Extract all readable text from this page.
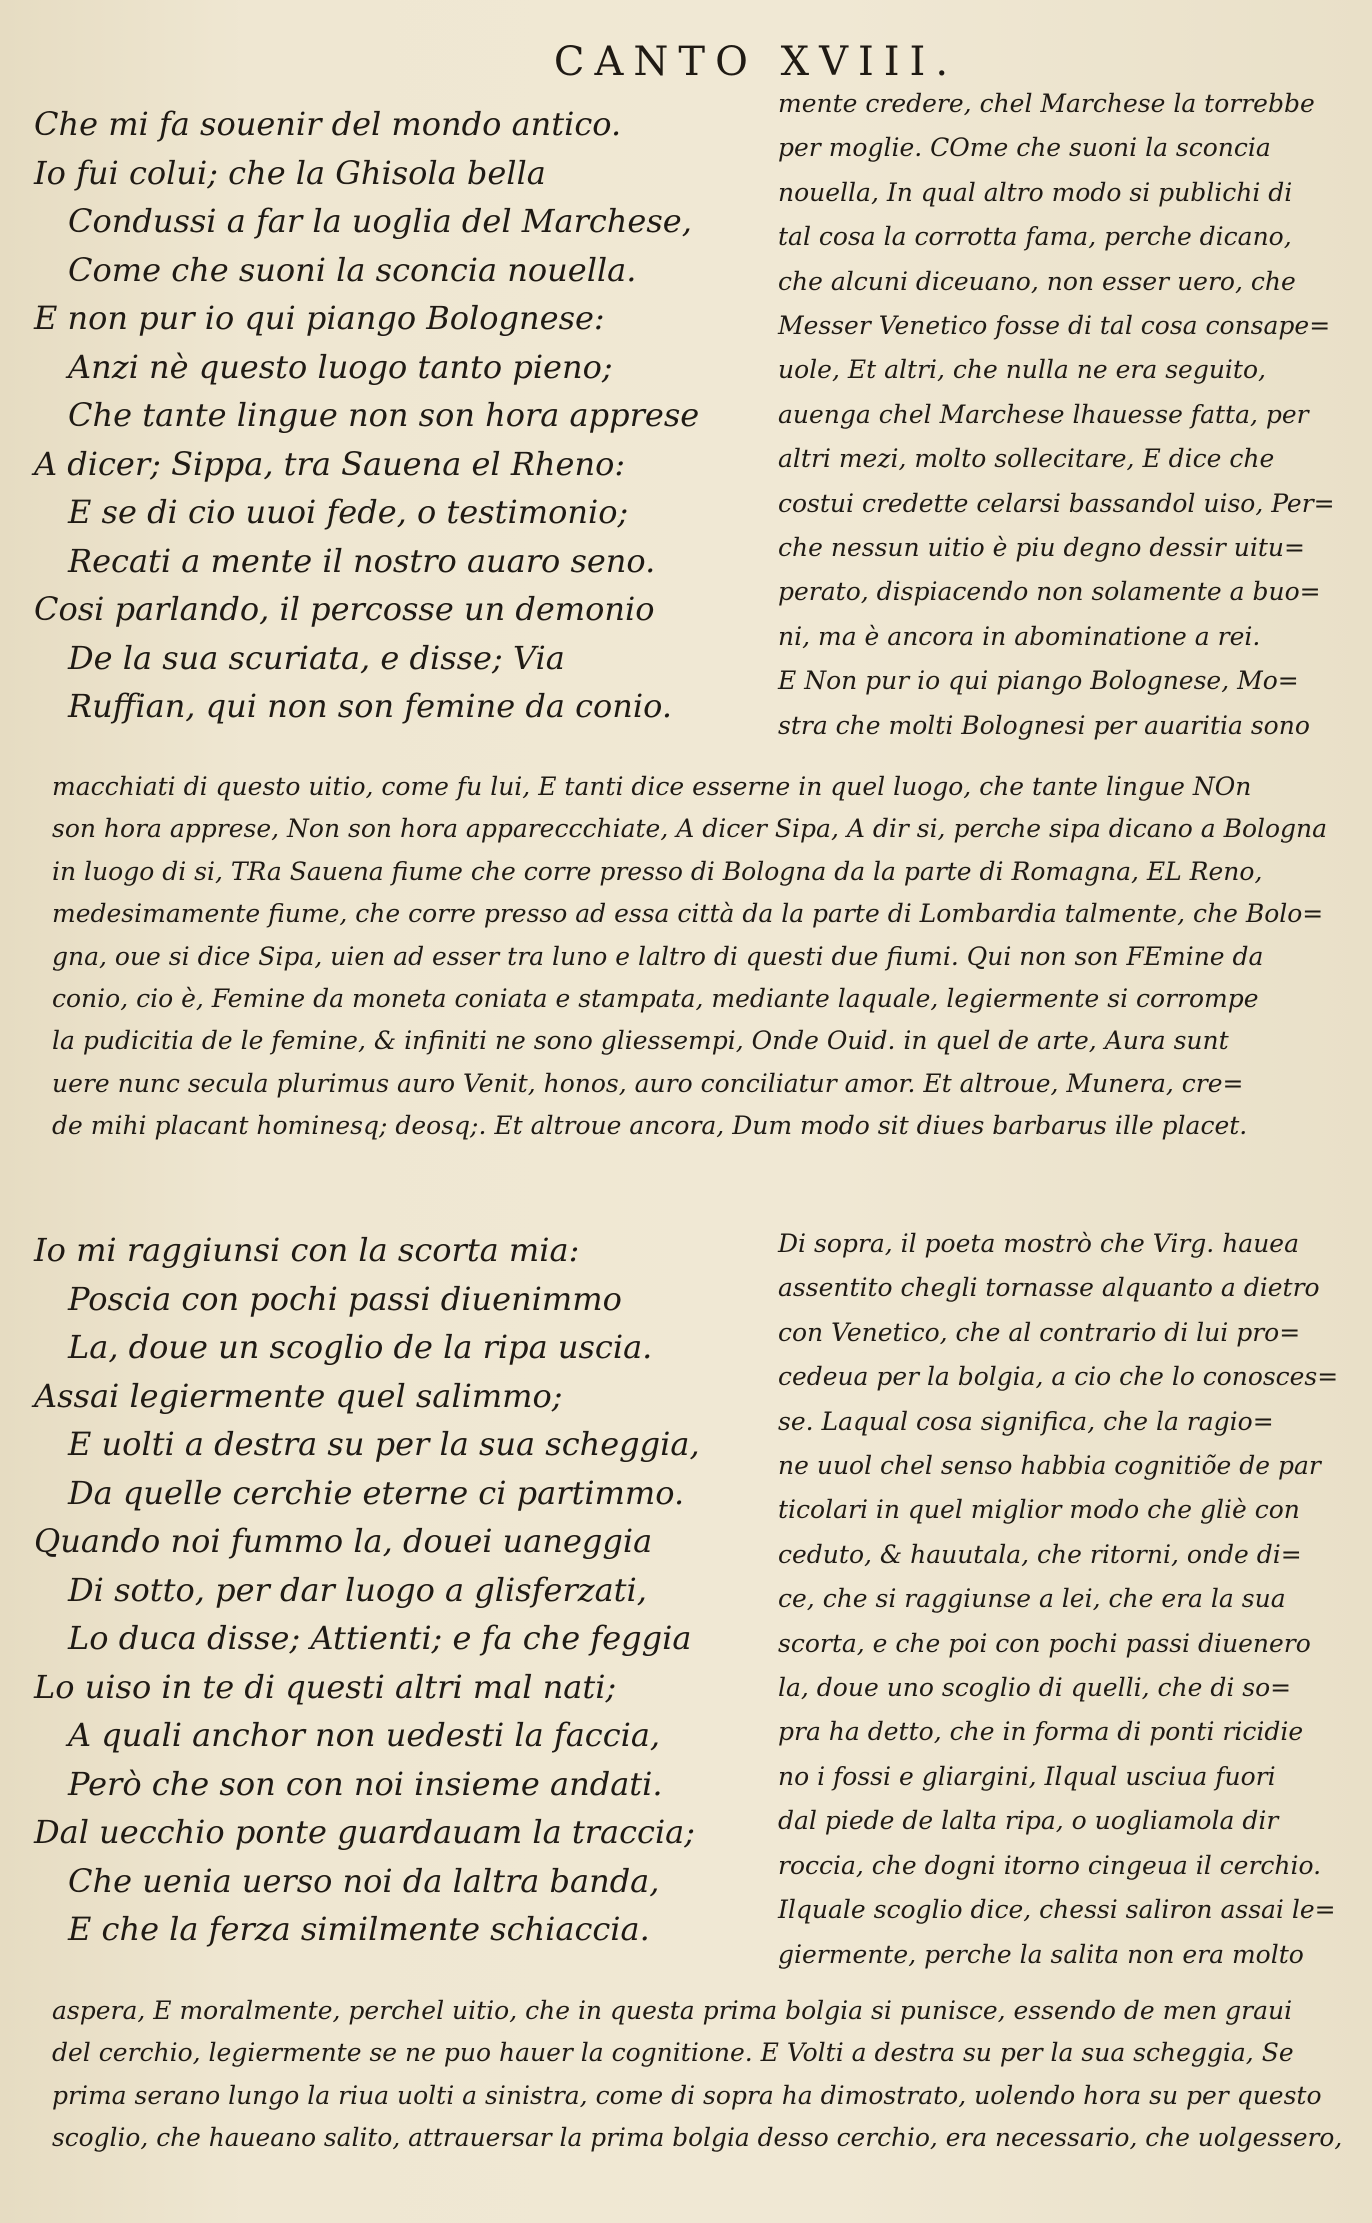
CANTO XVIII.
Che mi fa souenir del mondo antico.
Io fui colui; che la Ghisola bella
Condussi a far la uoglia del Marchese,
Come che suoni la sconcia nouella.
E non pur io qui piango Bolognese:
Anzi nè questo luogo tanto pieno;
Che tante lingue non son hora apprese
A dicer; Sippa, tra Sauena el Rheno:
E se di cio uuoi fede, o testimonio;
Recati a mente il nostro auaro seno.
Cosi parlando, il percosse un demonio
De la sua scuriata, e disse; Via
Ruffian, qui non son femine da conio.
mente credere, chel Marchese la torrebbe
per moglie. COme che suoni la sconcia
nouella, In qual altro modo si publichi di
tal cosa la corrotta fama, perche dicano,
che alcuni diceuano, non esser uero, che
Messer Venetico fosse di tal cosa consape=
uole, Et altri, che nulla ne era seguito,
auenga chel Marchese lhauesse fatta, per
altri mezi, molto sollecitare, E dice che
costui credette celarsi bassandol uiso, Per=
che nessun uitio è piu degno dessir uitu=
perato, dispiacendo non solamente a buo=
ni, ma è ancora in abominatione a rei.
E Non pur io qui piango Bolognese, Mo=
stra che molti Bolognesi per auaritia sono
macchiati di questo uitio, come fu lui, E tanti dice esserne in quel luogo, che tante lingue NOn
son hora apprese, Non son hora appareccchiate, A dicer Sipa, A dir si, perche sipa dicano a Bologna
in luogo di si, TRa Sauena fiume che corre presso di Bologna da la parte di Romagna, EL Reno,
medesimamente fiume, che corre presso ad essa città da la parte di Lombardia talmente, che Bolo=
gna, oue si dice Sipa, uien ad esser tra luno e laltro di questi due fiumi. Qui non son FEmine da
conio, cio è, Femine da moneta coniata e stampata, mediante laquale, legiermente si corrompe
la pudicitia de le femine, & infiniti ne sono gliessempi, Onde Ouid. in quel de arte, Aura sunt
uere nunc secula plurimus auro Venit, honos, auro conciliatur amor. Et altroue, Munera, cre=
de mihi placant hominesq; deosq;. Et altroue ancora, Dum modo sit diues barbarus ille placet.
Io mi raggiunsi con la scorta mia:
Poscia con pochi passi diuenimmo
La, doue un scoglio de la ripa uscia.
Assai legiermente quel salimmo;
E uolti a destra su per la sua scheggia,
Da quelle cerchie eterne ci partimmo.
Quando noi fummo la, douei uaneggia
Di sotto, per dar luogo a glisferzati,
Lo duca disse; Attienti; e fa che feggia
Lo uiso in te di questi altri mal nati;
A quali anchor non uedesti la faccia,
Però che son con noi insieme andati.
Dal uecchio ponte guardauam la traccia;
Che uenia uerso noi da laltra banda,
E che la ferza similmente schiaccia.
Di sopra, il poeta mostrò che Virg. hauea
assentito chegli tornasse alquanto a dietro
con Venetico, che al contrario di lui pro=
cedeua per la bolgia, a cio che lo conosces=
se. Laqual cosa significa, che la ragio=
ne uuol chel senso habbia cognitiõe de par
ticolari in quel miglior modo che gliè con
ceduto, & hauutala, che ritorni, onde di=
ce, che si raggiunse a lei, che era la sua
scorta, e che poi con pochi passi diuenero
la, doue uno scoglio di quelli, che di so=
pra ha detto, che in forma di ponti ricidie
no i fossi e gliargini, Ilqual usciua fuori
dal piede de lalta ripa, o uogliamola dir
roccia, che dogni itorno cingeua il cerchio.
Ilquale scoglio dice, chessi saliron assai le=
giermente, perche la salita non era molto
aspera, E moralmente, perchel uitio, che in questa prima bolgia si punisce, essendo de men graui
del cerchio, legiermente se ne puo hauer la cognitione. E Volti a destra su per la sua scheggia, Se
prima serano lungo la riua uolti a sinistra, come di sopra ha dimostrato, uolendo hora su per questo
scoglio, che haueano salito, attrauersar la prima bolgia desso cerchio, era necessario, che uolgessero,
